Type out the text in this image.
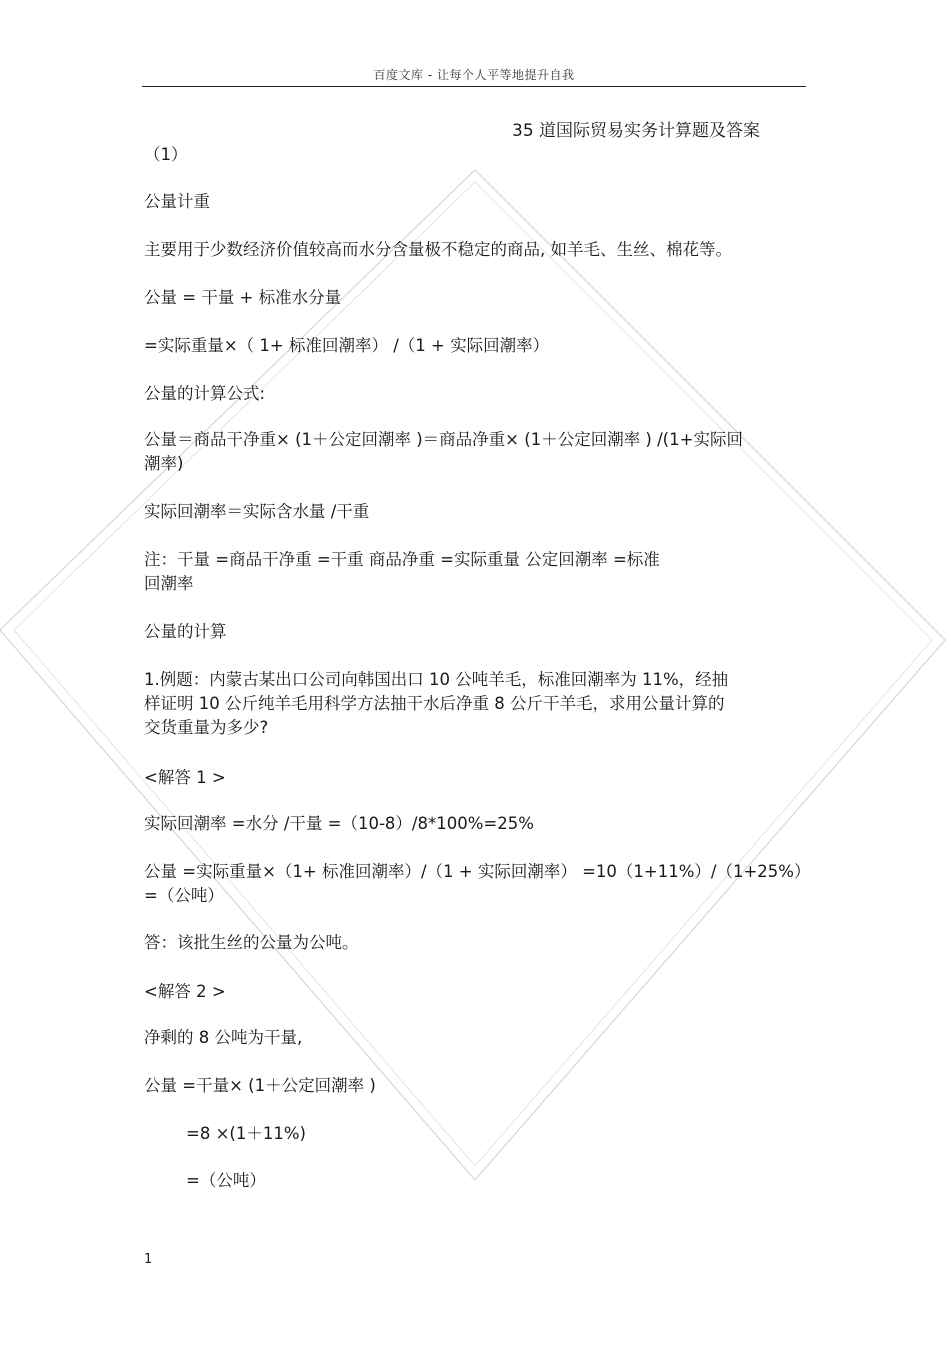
百度文库 - 让每个人平等地提升自我
35 道国际贸易实务计算题及答案
（1）
公量计重
主要用于少数经济价值较高而水分含量极不稳定的商品, 如羊毛、生丝、棉花等。
公量 = 干量 + 标准水分量
=实际重量×（ 1+ 标准回潮率） /（1 + 实际回潮率）
公量的计算公式:
公量＝商品干净重× (1＋公定回潮率 )＝商品净重× (1＋公定回潮率 ) /(1+实际回
潮率)
实际回潮率＝实际含水量 /干重
注：干量 =商品干净重 =干重 商品净重 =实际重量 公定回潮率 =标准
回潮率
公量的计算
1.例题：内蒙古某出口公司向韩国出口 10 公吨羊毛，标准回潮率为 11%，经抽
样证明 10 公斤纯羊毛用科学方法抽干水后净重 8 公斤干羊毛，求用公量计算的
交货重量为多少?
<解答 1 >
实际回潮率 =水分 /干量 =（10-8）/8*100%=25%
公量 =实际重量×（1+ 标准回潮率）/（1 + 实际回潮率） =10（1+11%）/（1+25%）
=（公吨）
答：该批生丝的公量为公吨。
<解答 2 >
净剩的 8 公吨为干量,
公量 =干量× (1＋公定回潮率 )
=8 ×(1＋11%)
=（公吨）
1
